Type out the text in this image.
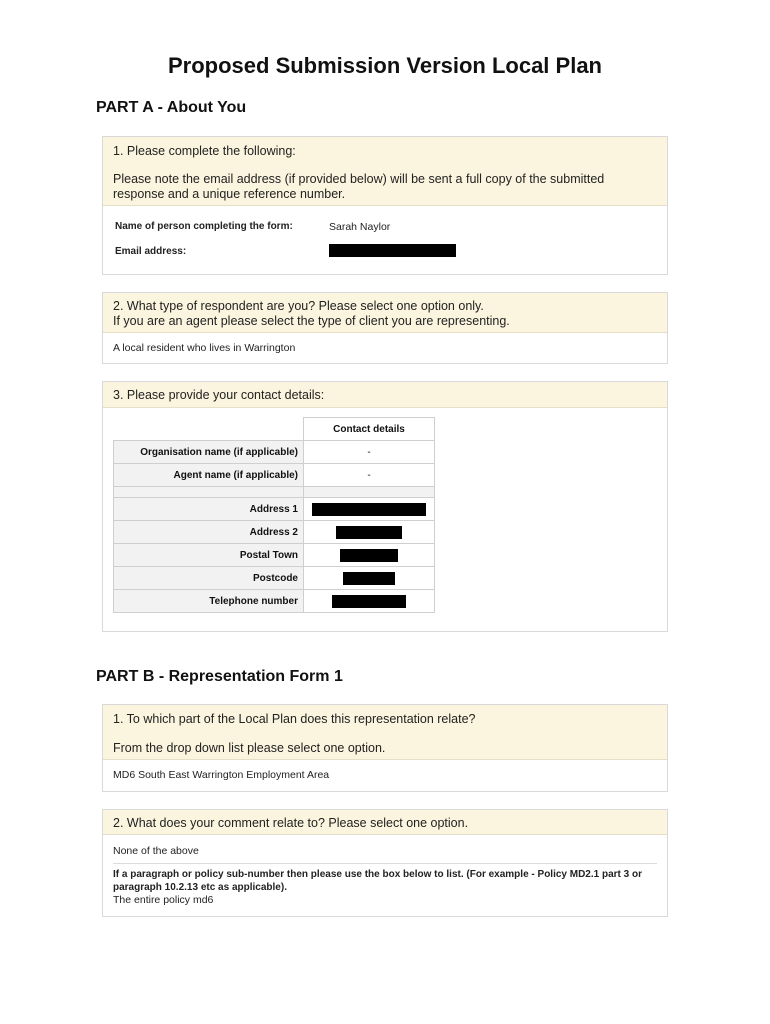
Proposed Submission Version Local Plan
PART A - About You
1. Please complete the following:
Please note the email address (if provided below) will be sent a full copy of the submitted response and a unique reference number.
Name of person completing the form:	Sarah Naylor
Email address:
2. What type of respondent are you? Please select one option only.
If you are an agent please select the type of client you are representing.
A local resident who lives in Warrington
3. Please provide your contact details:
	Contact details
Organisation name (if applicable)	-
Agent name (if applicable)	-

Address 1	
Address 2	
Postal Town	
Postcode	
Telephone number	
PART B - Representation Form 1
1. To which part of the Local Plan does this representation relate?
From the drop down list please select one option.
MD6 South East Warrington Employment Area
2. What does your comment relate to? Please select one option.
None of the above
If a paragraph or policy sub-number then please use the box below to list. (For example - Policy MD2.1 part 3 or paragraph 10.2.13 etc as applicable).
The entire policy md6
